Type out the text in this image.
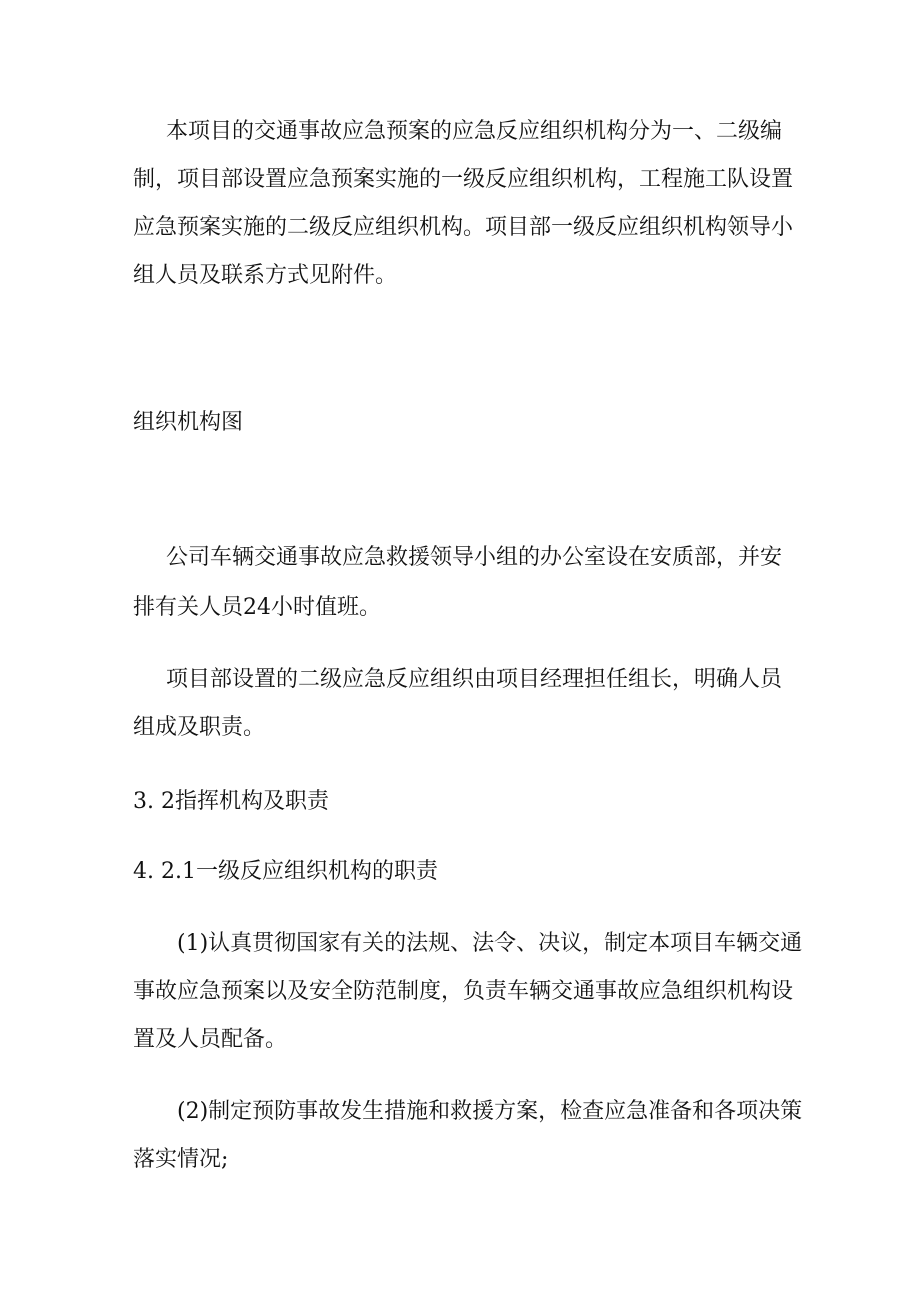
本项目的交通事故应急预案的应急反应组织机构分为一、二级编

制，项目部设置应急预案实施的一级反应组织机构，工程施工队设置

应急预案实施的二级反应组织机构。项目部一级反应组织机构领导小

组人员及联系方式见附件。

组织机构图

公司车辆交通事故应急救援领导小组的办公室设在安质部，并安

排有关人员24小时值班。

项目部设置的二级应急反应组织由项目经理担任组长，明确人员

组成及职责。

3. 2指挥机构及职责

4. 2.1一级反应组织机构的职责

(1)认真贯彻国家有关的法规、法令、决议，制定本项目车辆交通

事故应急预案以及安全防范制度，负责车辆交通事故应急组织机构设

置及人员配备。

(2)制定预防事故发生措施和救援方案，检查应急准备和各项决策

落实情况;
